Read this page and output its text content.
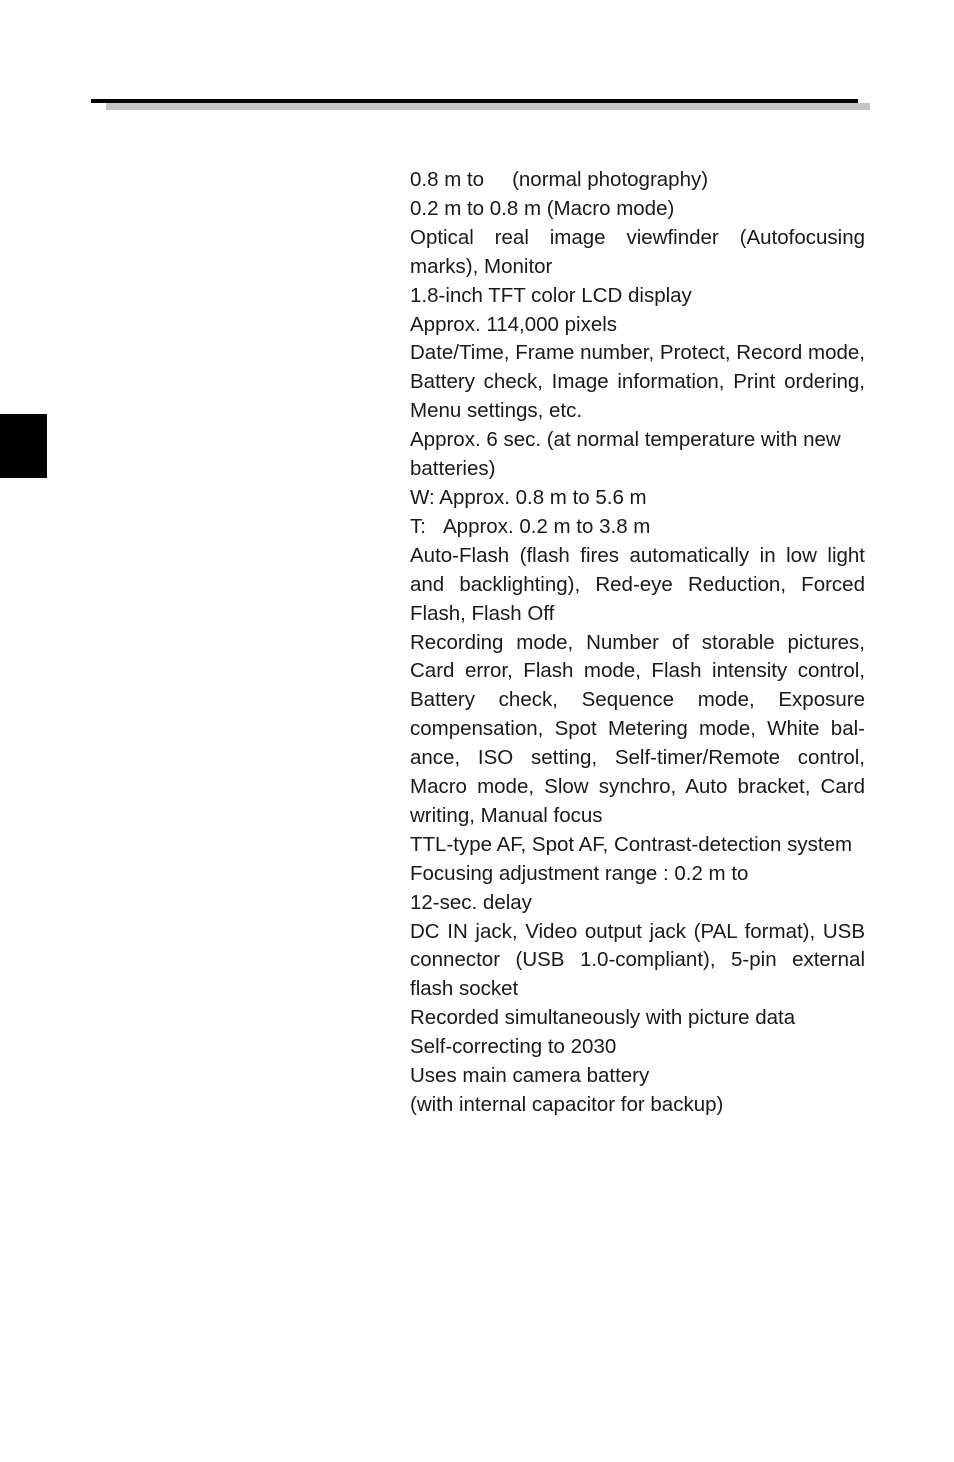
0.8 m to (normal photography)

0.2 m to 0.8 m (Macro mode)

Optical real image viewfinder (Autofocusing marks), Monitor

1.8-inch TFT color LCD display

Approx. 114,000 pixels

Date/Time, Frame number, Protect, Record mode, Battery check, Image information, Print ordering, Menu settings, etc.

Approx. 6 sec. (at normal temperature with new batteries)

W: Approx. 0.8 m to 5.6 m

T: Approx. 0.2 m to 3.8 m

Auto-Flash (flash fires automatically in low light and backlighting), Red-eye Reduction, Forced Flash, Flash Off

Recording mode, Number of storable pictures, Card error, Flash mode, Flash intensity control, Battery check, Sequence mode, Exposure compensation, Spot Metering mode, White balance, ISO setting, Self-timer/Remote control, Macro mode, Slow synchro, Auto bracket, Card writing, Manual focus

TTL-type AF, Spot AF, Contrast-detection system

Focusing adjustment range : 0.2 m to

12-sec. delay

DC IN jack, Video output jack (PAL format), USB connector (USB 1.0-compliant), 5-pin external flash socket

Recorded simultaneously with picture data

Self-correcting to 2030

Uses main camera battery

(with internal capacitor for backup)
